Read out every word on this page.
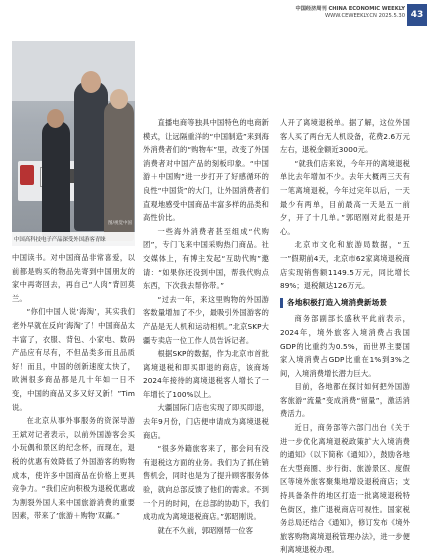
中国经济周刊 CHINA ECONOMIC WEEKLY
WWW.CEWEEKLY.CN 2025.5.30 43
图/视觉中国
中国高科技电子产品深受外国游客青睐

中国读书。对中国商品非常喜爱，以前都是购买的物品先寄到中国朋友的家中再寄回去，再自己“人肉”背回莫兰。

“你们中国人说‘海淘’，其实我们老外早就在反向‘海淘’了！中国商品太丰富了，衣服、背包、小家电、数码产品应有尽有，不但品类多而且品质好！而且，中国的创新速度太快了，欧洲很多商品都是几十年如一日不变，中国的商品又多又好又新！”Tim说。

在北京从事外事服务的资深导游王斌对记者表示，以前外国游客会买小玩偶和景区的纪念杯，而现在，退税的优惠有效降低了外国游客的购物成本，使许多中国商品在价格上更具竞争力。“我们应向积极为退税优惠或为割裂外国人来中国旅游消费的重要因素，带来了‘旅游＋购物’双赢。”

直播电商等独具中国特色的电商新模式，让远隔重洋的“中国制造”来到海外消费者们的“购物车”里，改变了外国消费者对中国产品的刻板印象。“中国游＋中国购”进一步打开了好感循环的良性“中国货”的大门，让外国消费者们直观地感受中国商品丰富多样的品类和高性价比。

一些海外消费者甚至组成“代购团”，专门飞来中国采购热门商品。社交媒体上，有博主发起“互助代购”邀请：“如果你还没到中国，帮我代购点东西，下次我去帮你带。”

“过去一年，来这里购物的外国游客数量增加了不少，最吸引外国游客的产品是无人机和运动相机。”北京SKP大疆专卖店一位工作人员告诉记者。

根据SKP的数据，作为北京市首批离境退税和即买即退的商店，该商场2024年接待的离境退税客人增长了一年增长了100%以上。

大疆国际门店也实现了即买即退，去年9月份，门店便申请成为离境退税商店。

“很多外籍旅客来了，都会问有没有退税这方面的业务。我们为了抓住销售机会，同时也是为了提升顾客服务体验，就向总部反馈了他们的需求。不到一个月的时间，在总部的协助下，我们成功成为离境退税商店。”郭昭刚说。

就在不久前，郭昭刚帮一位客

人开了离境退税单。据了解，这位外国客人买了两台无人机设备，花费2.6万元左右，退税金额近3000元。

“就我们店来说，今年开的离境退税单比去年增加不少。去年大概两三天有一笔离境退税，今年过完年以后，一天最少有两单，目前最高一天是五一前夕，开了十几单。”郭昭刚对此很是开心。

北京市文化和旅游局数据，“五一”假期前4天，北京市62家离境退税商店实现销售额1149.5万元，同比增长89%；退税额达126万元。

各地积极打造入境消费新场景

商务部副部长盛秋平此前表示，2024年，境外旅客入境消费占我国GDP的比重约为0.5%，而世界主要国家入境消费占GDP比重在1%到3%之间，入境消费增长潜力巨大。

目前，各地都在探讨如何把外国游客旅游“流量”变成消费“留量”，激活消费活力。

近日，商务部等六部门出台《关于进一步优化离境退税政策扩大入境消费的通知》（以下简称《通知》），鼓励各地在大型商圈、步行街、旅游景区、度假区等境外旅客聚集地增设退税商店；支持具备条件的地区打造一批离境退税特色街区，推广退税商店可视性。国家税务总局还结合《通知》，修订发布《境外旅客购物离境退税管理办法》，进一步便利离境退税办理。
